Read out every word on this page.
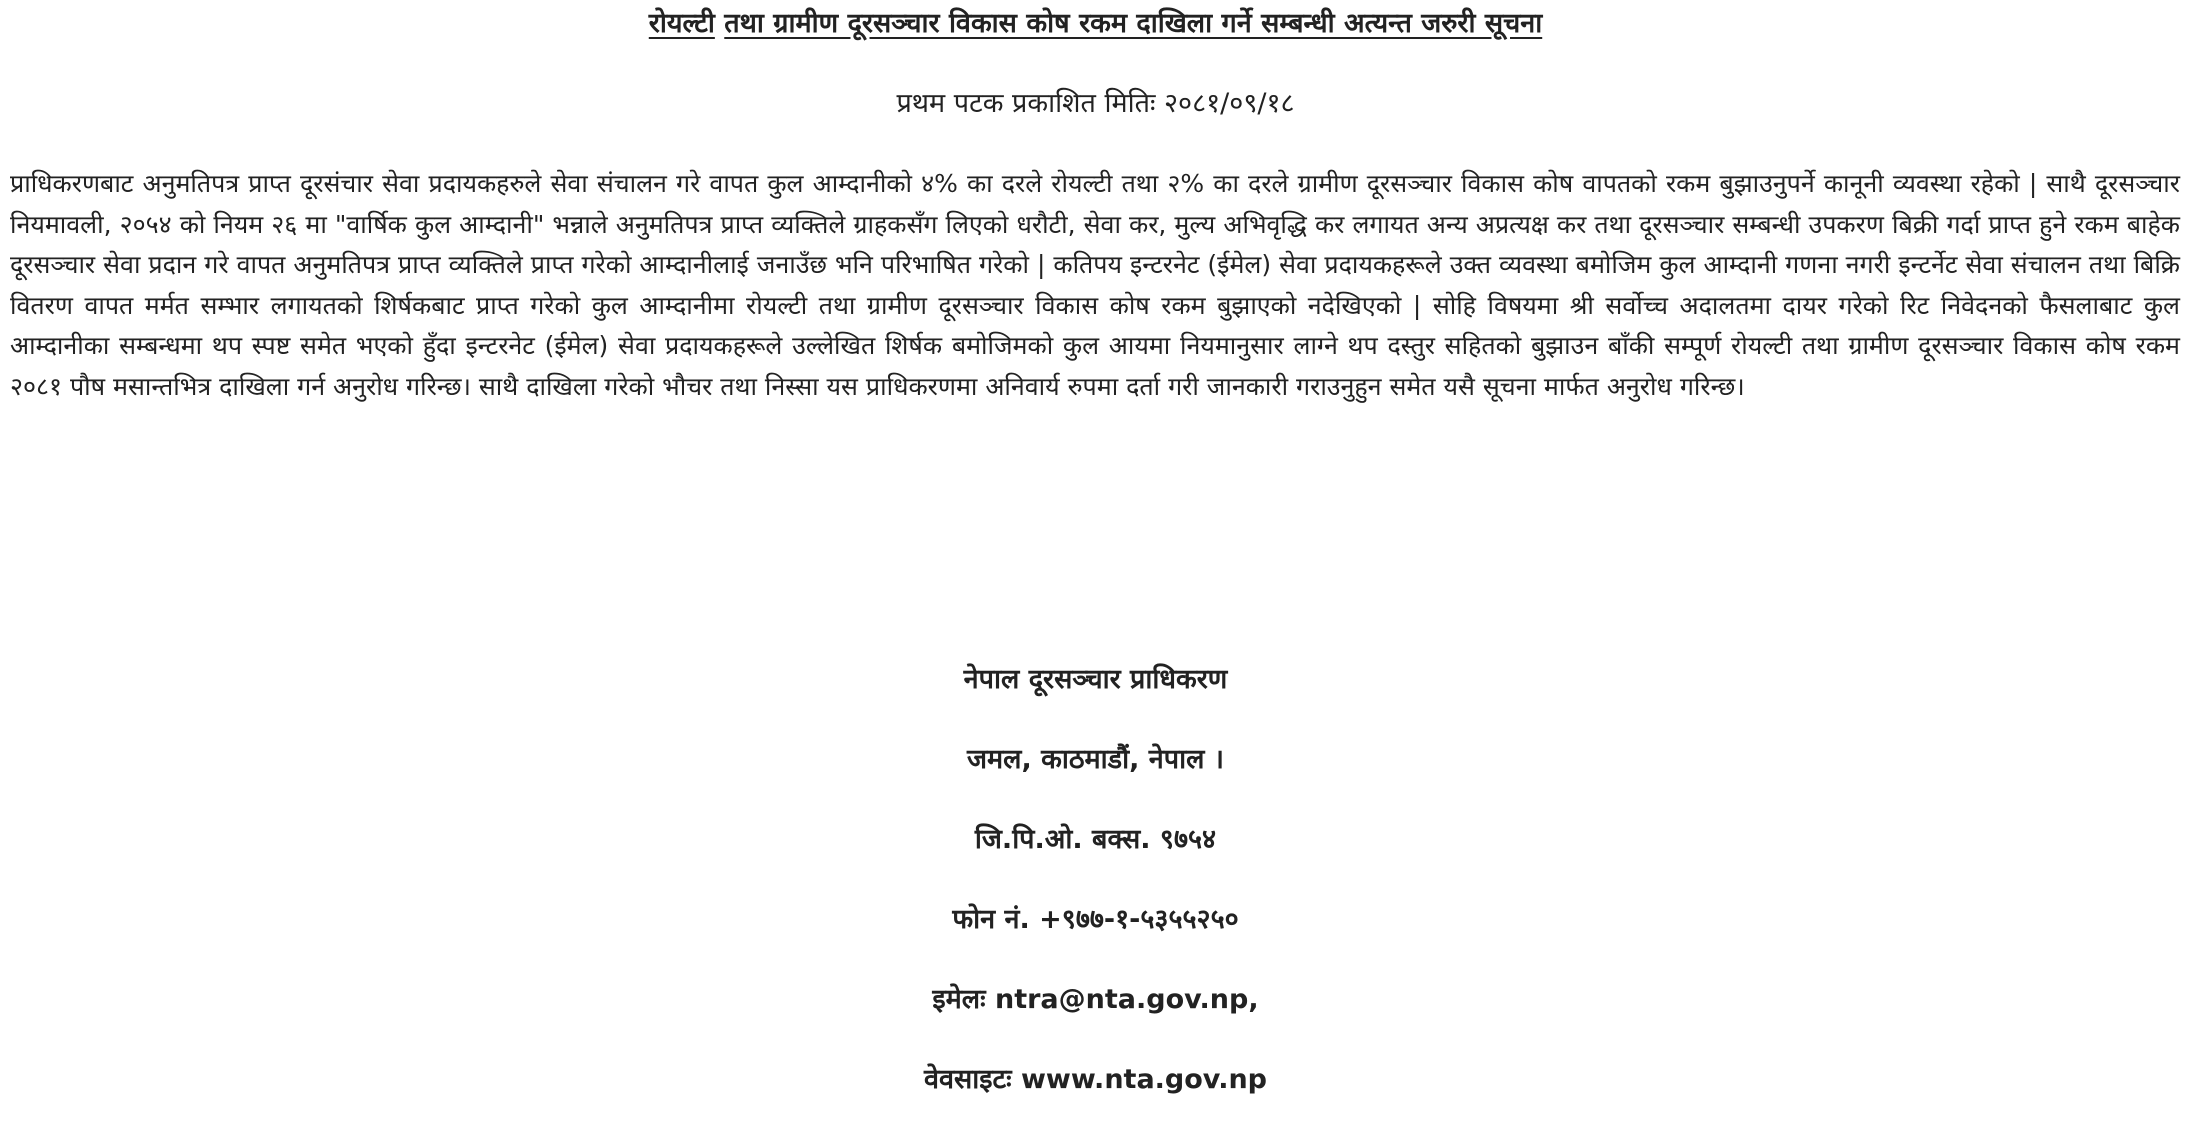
रोयल्टी तथा ग्रामीण दूरसञ्चार विकास कोष रकम दाखिला गर्ने सम्बन्धी अत्यन्त जरुरी सूचना
प्रथम पटक प्रकाशित मितिः २०८१/०९/१८

प्राधिकरणबाट अनुमतिपत्र प्राप्त दूरसंचार सेवा प्रदायकहरुले सेवा संचालन गरे वापत कुल आम्दानीको ४% का दरले रोयल्टी तथा २% का दरले ग्रामीण दूरसञ्चार विकास कोष वापतको रकम बुझाउनुपर्ने कानूनी व्यवस्था रहेको | साथै दूरसञ्चार नियमावली, २०५४ को नियम २६ मा "वार्षिक कुल आम्दानी" भन्नाले अनुमतिपत्र प्राप्त व्यक्तिले ग्राहकसँग लिएको धरौटी, सेवा कर, मुल्य अभिवृद्धि कर लगायत अन्य अप्रत्यक्ष कर तथा दूरसञ्चार सम्बन्धी उपकरण बिक्री गर्दा प्राप्त हुने रकम बाहेक दूरसञ्चार सेवा प्रदान गरे वापत अनुमतिपत्र प्राप्त व्यक्तिले प्राप्त गरेको आम्दानीलाई जनाउँछ भनि परिभाषित गरेको | कतिपय इन्टरनेट (ईमेल) सेवा प्रदायकहरूले उक्त व्यवस्था बमोजिम कुल आम्दानी गणना नगरी इन्टर्नेट सेवा संचालन तथा बिक्रि वितरण वापत मर्मत सम्भार लगायतको शिर्षकबाट प्राप्त गरेको कुल आम्दानीमा रोयल्टी तथा ग्रामीण दूरसञ्चार विकास कोष रकम बुझाएको नदेखिएको | सोहि विषयमा श्री सर्वोच्च अदालतमा दायर गरेको रिट निवेदनको फैसलाबाट कुल आम्दानीका सम्बन्धमा थप स्पष्ट समेत भएको हुँदा इन्टरनेट (ईमेल) सेवा प्रदायकहरूले उल्लेखित शिर्षक बमोजिमको कुल आयमा नियमानुसार लाग्ने थप दस्तुर सहितको बुझाउन बाँकी सम्पूर्ण रोयल्टी तथा ग्रामीण दूरसञ्चार विकास कोष रकम २०८१ पौष मसान्तभित्र दाखिला गर्न अनुरोध गरिन्छ। साथै दाखिला गरेको भौचर तथा निस्सा यस प्राधिकरणमा अनिवार्य रुपमा दर्ता गरी जानकारी गराउनुहुन समेत यसै सूचना मार्फत अनुरोध गरिन्छ।

नेपाल दूरसञ्चार प्राधिकरण
जमल, काठमाडौं, नेपाल ।
जि.पि.ओ. बक्स. ९७५४
फोन नं. +९७७-१-५३५५२५०
इमेलः ntra@nta.gov.np,
वेवसाइटः www.nta.gov.np
